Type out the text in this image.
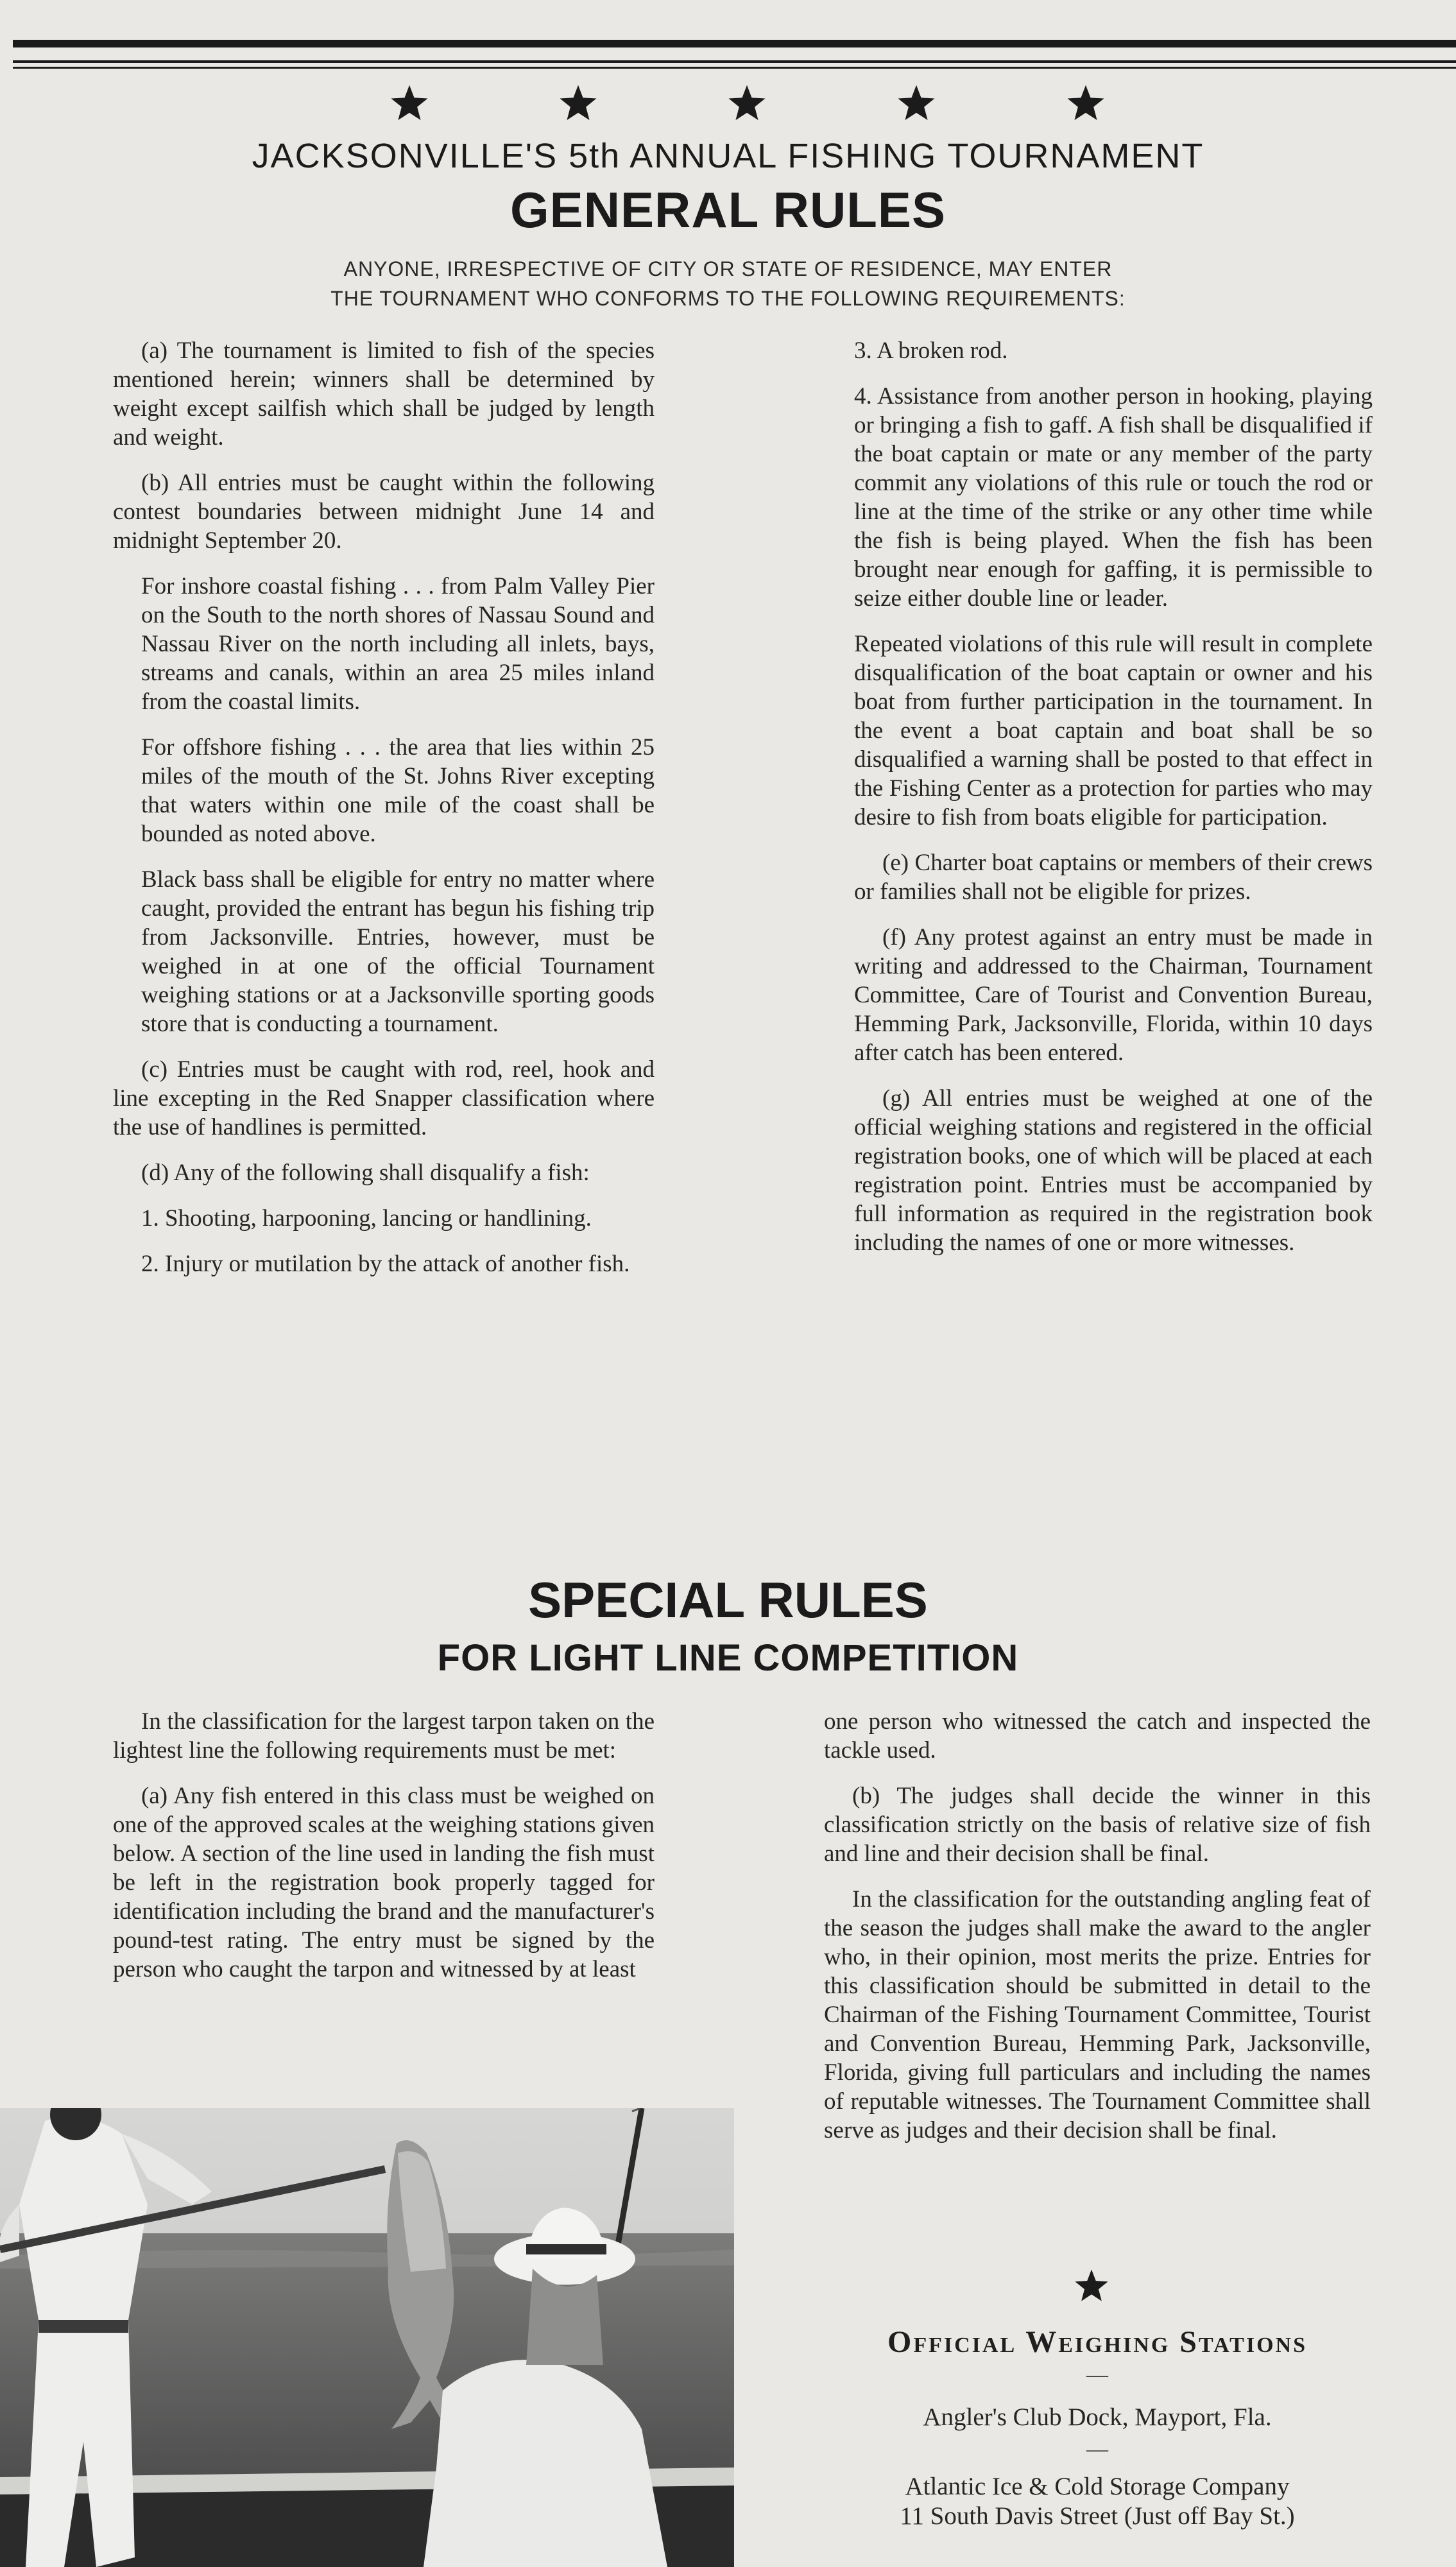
JACKSONVILLE'S 5th ANNUAL FISHING TOURNAMENT
GENERAL RULES
ANYONE, IRRESPECTIVE OF CITY OR STATE OF RESIDENCE, MAY ENTER
THE TOURNAMENT WHO CONFORMS TO THE FOLLOWING REQUIREMENTS:

(a) The tournament is limited to fish of the species mentioned herein; winners shall be determined by weight except sailfish which shall be judged by length and weight.

(b) All entries must be caught within the following contest boundaries between midnight June 14 and midnight September 20.

For inshore coastal fishing . . . from Palm Valley Pier on the South to the north shores of Nassau Sound and Nassau River on the north including all inlets, bays, streams and canals, within an area 25 miles inland from the coastal limits.

For offshore fishing . . . the area that lies within 25 miles of the mouth of the St. Johns River excepting that waters within one mile of the coast shall be bounded as noted above.

Black bass shall be eligible for entry no matter where caught, provided the entrant has begun his fishing trip from Jacksonville. Entries, however, must be weighed in at one of the official Tournament weighing stations or at a Jacksonville sporting goods store that is conducting a tournament.

(c) Entries must be caught with rod, reel, hook and line excepting in the Red Snapper classification where the use of handlines is permitted.

(d) Any of the following shall disqualify a fish:

1. Shooting, harpooning, lancing or handlining.

2. Injury or mutilation by the attack of another fish.

3. A broken rod.

4. Assistance from another person in hooking, playing or bringing a fish to gaff. A fish shall be disqualified if the boat captain or mate or any member of the party commit any violations of this rule or touch the rod or line at the time of the strike or any other time while the fish is being played. When the fish has been brought near enough for gaffing, it is permissible to seize either double line or leader.

Repeated violations of this rule will result in complete disqualification of the boat captain or owner and his boat from further participation in the tournament. In the event a boat captain and boat shall be so disqualified a warning shall be posted to that effect in the Fishing Center as a protection for parties who may desire to fish from boats eligible for participation.

(e) Charter boat captains or members of their crews or families shall not be eligible for prizes.

(f) Any protest against an entry must be made in writing and addressed to the Chairman, Tournament Committee, Care of Tourist and Convention Bureau, Hemming Park, Jacksonville, Florida, within 10 days after catch has been entered.

(g) All entries must be weighed at one of the official weighing stations and registered in the official registration books, one of which will be placed at each registration point. Entries must be accompanied by full information as required in the registration book including the names of one or more witnesses.

SPECIAL RULES
FOR LIGHT LINE COMPETITION

In the classification for the largest tarpon taken on the lightest line the following requirements must be met:

(a) Any fish entered in this class must be weighed on one of the approved scales at the weighing stations given below. A section of the line used in landing the fish must be left in the registration book properly tagged for identification including the brand and the manufacturer's pound-test rating. The entry must be signed by the person who caught the tarpon and witnessed by at least

one person who witnessed the catch and inspected the tackle used.

(b) The judges shall decide the winner in this classification strictly on the basis of relative size of fish and line and their decision shall be final.

In the classification for the outstanding angling feat of the season the judges shall make the award to the angler who, in their opinion, most merits the prize. Entries for this classification should be submitted in detail to the Chairman of the Fishing Tournament Committee, Tourist and Convention Bureau, Hemming Park, Jacksonville, Florida, giving full particulars and including the names of reputable witnesses. The Tournament Committee shall serve as judges and their decision shall be final.

Official Weighing Stations
—
Angler's Club Dock, Mayport, Fla.
—
Atlantic Ice & Cold Storage Company
11 South Davis Street (Just off Bay St.)
